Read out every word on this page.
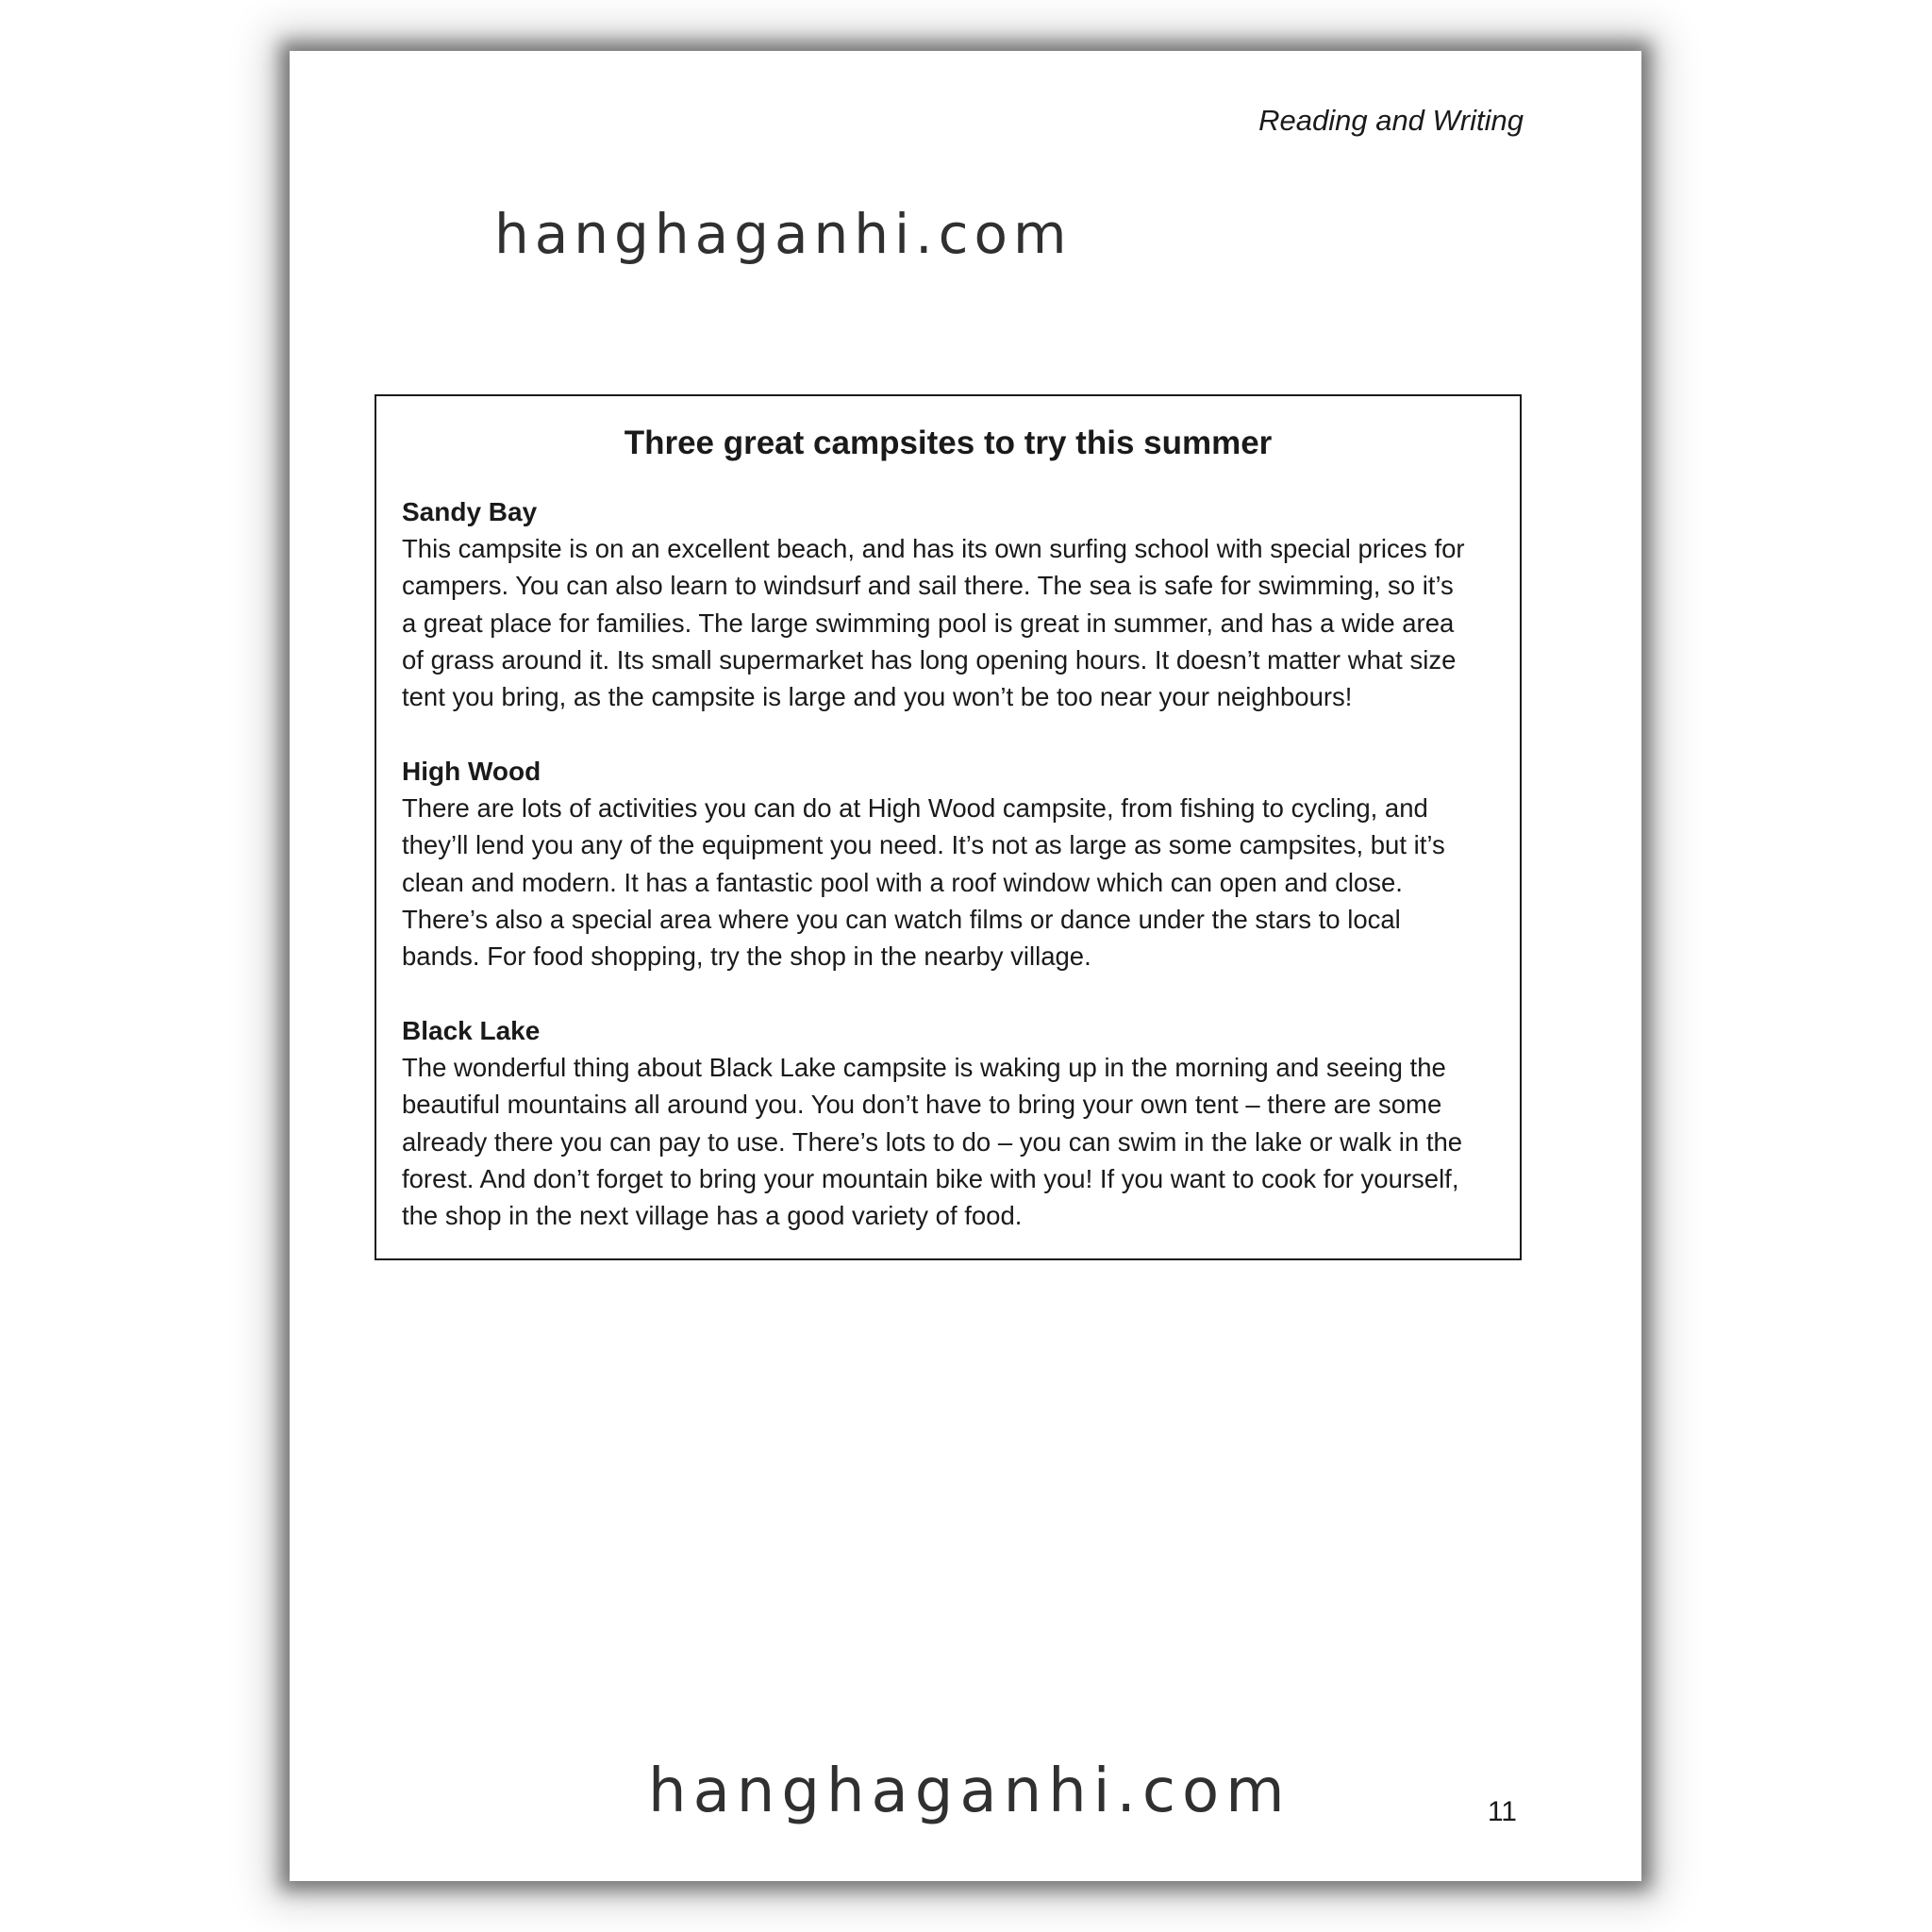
Reading and Writing
hanghaganhi.com
Three great campsites to try this summer
Sandy Bay
This campsite is on an excellent beach, and has its own surfing school with special prices for
campers. You can also learn to windsurf and sail there. The sea is safe for swimming, so it’s
a great place for families. The large swimming pool is great in summer, and has a wide area
of grass around it. Its small supermarket has long opening hours. It doesn’t matter what size
tent you bring, as the campsite is large and you won’t be too near your neighbours!
High Wood
There are lots of activities you can do at High Wood campsite, from fishing to cycling, and
they’ll lend you any of the equipment you need. It’s not as large as some campsites, but it’s
clean and modern. It has a fantastic pool with a roof window which can open and close.
There’s also a special area where you can watch films or dance under the stars to local
bands. For food shopping, try the shop in the nearby village.
Black Lake
The wonderful thing about Black Lake campsite is waking up in the morning and seeing the
beautiful mountains all around you. You don’t have to bring your own tent – there are some
already there you can pay to use. There’s lots to do – you can swim in the lake or walk in the
forest. And don’t forget to bring your mountain bike with you! If you want to cook for yourself,
the shop in the next village has a good variety of food.
hanghaganhi.com	11
